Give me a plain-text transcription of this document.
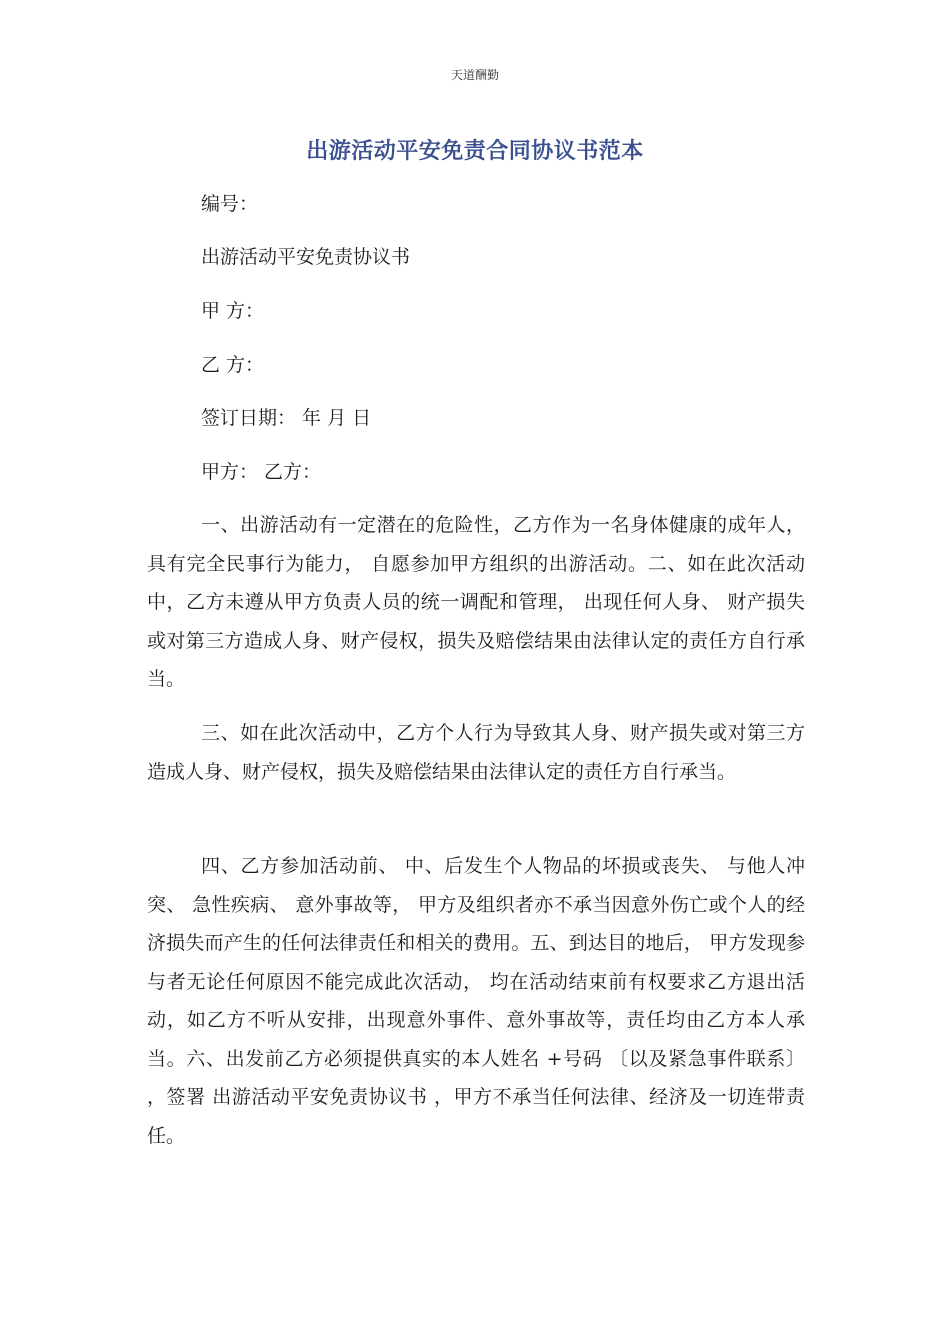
天道酬勤
出游活动平安免责合同协议书范本
编号：
出游活动平安免责协议书
甲 方：
乙 方：
签订日期： 年 月 日
甲方： 乙方：

一、出游活动有一定潜在的危险性，乙方作为一名身体健康的成年人，具有完全民事行为能力， 自愿参加甲方组织的出游活动。二、如在此次活动中，乙方未遵从甲方负责人员的统一调配和管理， 出现任何人身、 财产损失或对第三方造成人身、财产侵权，损失及赔偿结果由法律认定的责任方自行承当。

三、如在此次活动中，乙方个人行为导致其人身、财产损失或对第三方造成人身、财产侵权，损失及赔偿结果由法律认定的责任方自行承当。

四、乙方参加活动前、 中、后发生个人物品的坏损或丧失、 与他人冲突、 急性疾病、 意外事故等， 甲方及组织者亦不承当因意外伤亡或个人的经济损失而产生的任何法律责任和相关的费用。五、到达目的地后， 甲方发现参与者无论任何原因不能完成此次活动， 均在活动结束前有权要求乙方退出活动，如乙方不听从安排，出现意外事件、意外事故等，责任均由乙方本人承当。六、出发前乙方必须提供真实的本人姓名 +号码 〔以及紧急事件联系〕 ，签署 出游活动平安免责协议书 ，甲方不承当任何法律、经济及一切连带责任。
